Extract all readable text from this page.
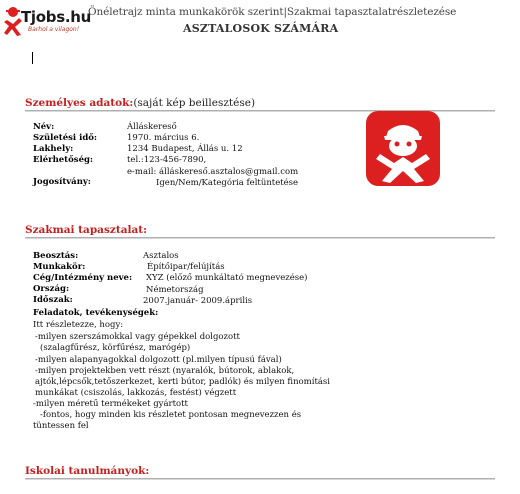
Tjobs.hu
Barhol a vilagon!
Önéletrajz minta munkakörök szerint|Szakmai tapasztalatrészletezése
ASZTALOSOK SZÁMÁRA
Személyes adatok:(saját kép beillesztése)
Név:	Álláskereső
Születési idő:	1970. március 6.
Lakhely:	1234 Budapest, Állás u. 12
Elérhetőség:	tel.:123-456-7890,
e-mail: álláskereső.asztalos@gmail.com
Jogosítvány:	Igen/Nem/Kategória feltüntetése
Szakmai tapasztalat:
Beosztás:	Asztalos
Munkakör:	Építőipar/felújítás
Cég/Intézmény neve: XYZ (előző munkáltató megnevezése)
Ország:	Németország
Időszak:	2007.január- 2009.április
Feladatok, tevékenységek:
Itt részletezze, hogy:
-milyen szerszámokkal vagy gépekkel dolgozott
(szalagfűrész, körfűrész, marógép)
-milyen alapanyagokkal dolgozott (pl.milyen típusú fával)
-milyen projektekben vett részt (nyaralók, bútorok, ablakok,
ajtók,lépcsők,tetőszerkezet, kerti bútor, padlók) és milyen finomítási
munkákat (csiszolás, lakkozás, festést) végzett
-milyen méretű termékeket gyártott
-fontos, hogy minden kis részletet pontosan megnevezzen és
tüntessen fel
Iskolai tanulmányok:
